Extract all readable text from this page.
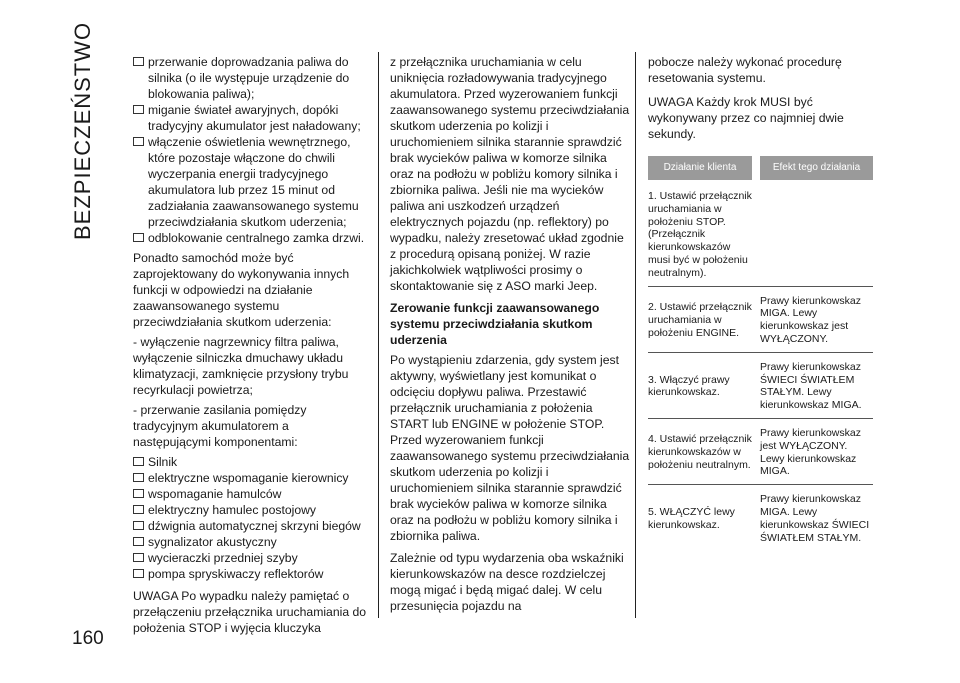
BEZPIECZEŃSTWO
160
przerwanie doprowadzania paliwa do silnika (o ile występuje urządzenie do blokowania paliwa);
miganie świateł awaryjnych, dopóki tradycyjny akumulator jest naładowany;
włączenie oświetlenia wewnętrznego, które pozostaje włączone do chwili wyczerpania energii tradycyjnego akumulatora lub przez 15 minut od zadziałania zaawansowanego systemu przeciwdziałania skutkom uderzenia;
odblokowanie centralnego zamka drzwi.

Ponadto samochód może być zaprojektowany do wykonywania innych funkcji w odpowiedzi na działanie zaawansowanego systemu przeciwdziałania skutkom uderzenia:

- wyłączenie nagrzewnicy filtra paliwa, wyłączenie silniczka dmuchawy układu klimatyzacji, zamknięcie przysłony trybu recyrkulacji powietrza;

- przerwanie zasilania pomiędzy tradycyjnym akumulatorem a następującymi komponentami:

Silnik
elektryczne wspomaganie kierownicy
wspomaganie hamulców
elektryczny hamulec postojowy
dźwignia automatycznej skrzyni biegów
sygnalizator akustyczny
wycieraczki przedniej szyby
pompa spryskiwaczy reflektorów

UWAGA Po wypadku należy pamiętać o przełączeniu przełącznika uruchamiania do położenia STOP i wyjęcia kluczyka

z przełącznika uruchamiania w celu uniknięcia rozładowywania tradycyjnego akumulatora. Przed wyzerowaniem funkcji zaawansowanego systemu przeciwdziałania skutkom uderzenia po kolizji i uruchomieniem silnika starannie sprawdzić brak wycieków paliwa w komorze silnika oraz na podłożu w pobliżu komory silnika i zbiornika paliwa. Jeśli nie ma wycieków paliwa ani uszkodzeń urządzeń elektrycznych pojazdu (np. reflektory) po wypadku, należy zresetować układ zgodnie z procedurą opisaną poniżej. W razie jakichkolwiek wątpliwości prosimy o skontaktowanie się z ASO marki Jeep.

Zerowanie funkcji zaawansowanego systemu przeciwdziałania skutkom uderzenia

Po wystąpieniu zdarzenia, gdy system jest aktywny, wyświetlany jest komunikat o odcięciu dopływu paliwa. Przestawić przełącznik uruchamiania z położenia START lub ENGINE w położenie STOP. Przed wyzerowaniem funkcji zaawansowanego systemu przeciwdziałania skutkom uderzenia po kolizji i uruchomieniem silnika starannie sprawdzić brak wycieków paliwa w komorze silnika oraz na podłożu w pobliżu komory silnika i zbiornika paliwa.

Zależnie od typu wydarzenia oba wskaźniki kierunkowskazów na desce rozdzielczej mogą migać i będą migać dalej. W celu przesunięcia pojazdu na

pobocze należy wykonać procedurę resetowania systemu.

UWAGA Każdy krok MUSI być wykonywany przez co najmniej dwie sekundy.

Działanie klienta		Efekt tego działania
1. Ustawić przełącznik uruchamiania w położeniu STOP. (Przełącznik kierunkowskazów musi być w położeniu neutralnym).		
2. Ustawić przełącznik uruchamiania w położeniu ENGINE.		Prawy kierunkowskaz MIGA. Lewy kierunkowskaz jest WYŁĄCZONY.
3. Włączyć prawy kierunkowskaz.		Prawy kierunkowskaz ŚWIECI ŚWIATŁEM STAŁYM. Lewy kierunkowskaz MIGA.
4. Ustawić przełącznik kierunkowskazów w położeniu neutralnym.		Prawy kierunkowskaz jest WYŁĄCZONY. Lewy kierunkowskaz MIGA.
5. WŁĄCZYĆ lewy kierunkowskaz.		Prawy kierunkowskaz MIGA. Lewy kierunkowskaz ŚWIECI ŚWIATŁEM STAŁYM.
